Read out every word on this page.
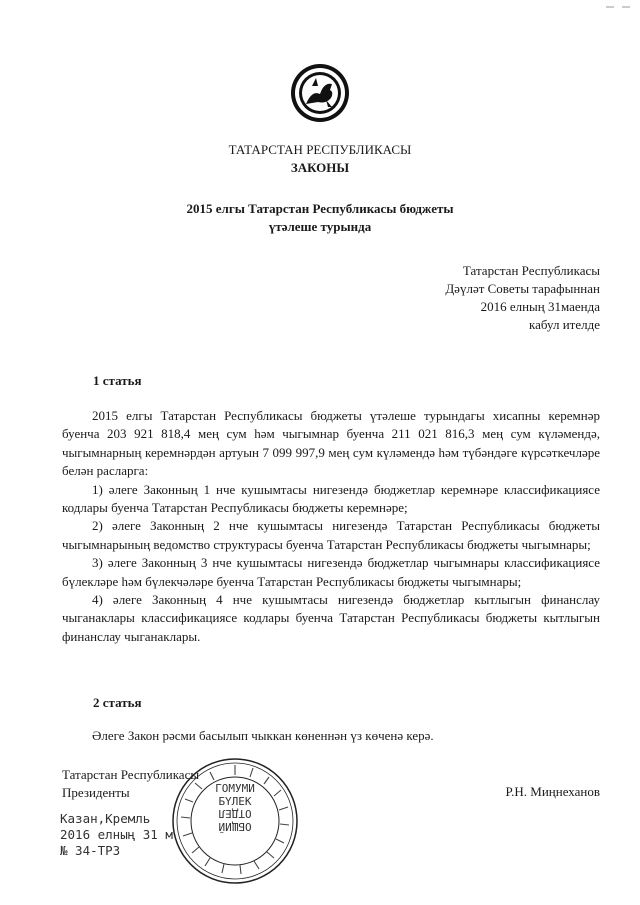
ТАТАРСТАН РЕСПУБЛИКАСЫ
ЗАКОНЫ
2015 елгы Татарстан Республикасы бюджеты
үтәлеше турында
Татарстан Республикасы
Дәүләт Советы тарафыннан
2016 елның 31маенда
кабул ителде
1 статья

2015 елгы Татарстан Республикасы бюджеты үтәлеше турындагы хисапны керемнәр буенча 203 921 818,4 мең сум һәм чыгымнар буенча 211 021 816,3 мең сум күләмендә, чыгымнарның керемнәрдән артуын 7 099 997,9 мең сум күләмендә һәм түбәндәге күрсәткечләре белән расларга:

1) әлеге Законның 1 нче кушымтасы нигезендә бюджетлар керемнәре классификациясе кодлары буенча Татарстан Республикасы бюджеты керемнәре;

2) әлеге Законның 2 нче кушымтасы нигезендә Татарстан Республикасы бюджеты чыгымнарының ведомство структурасы буенча Татарстан Республикасы бюджеты чыгымнары;

3) әлеге Законның 3 нче кушымтасы нигезендә бюджетлар чыгымнары классификациясе бүлекләре һәм бүлекчәләре буенча Татарстан Республикасы бюджеты чыгымнары;

4) әлеге Законның 4 нче кушымтасы нигезендә бюджетлар кытлыгын финанслау чыганаклары классификациясе кодлары буенча Татарстан Республикасы бюджеты кытлыгын финанслау чыганаклары.

2 статья
Әлеге Закон рәсми басылып чыккан көненнән үз көченә керә.
Татарстан Республикасы
Президенты	Р.Н. Миңнеханов
Казан,Кремль
2016 елның 31 м
№ 34-ТРЗ
ГОМУМИ
БҮЛЕК
ОТДЕЛ
ОБЩИЙ
